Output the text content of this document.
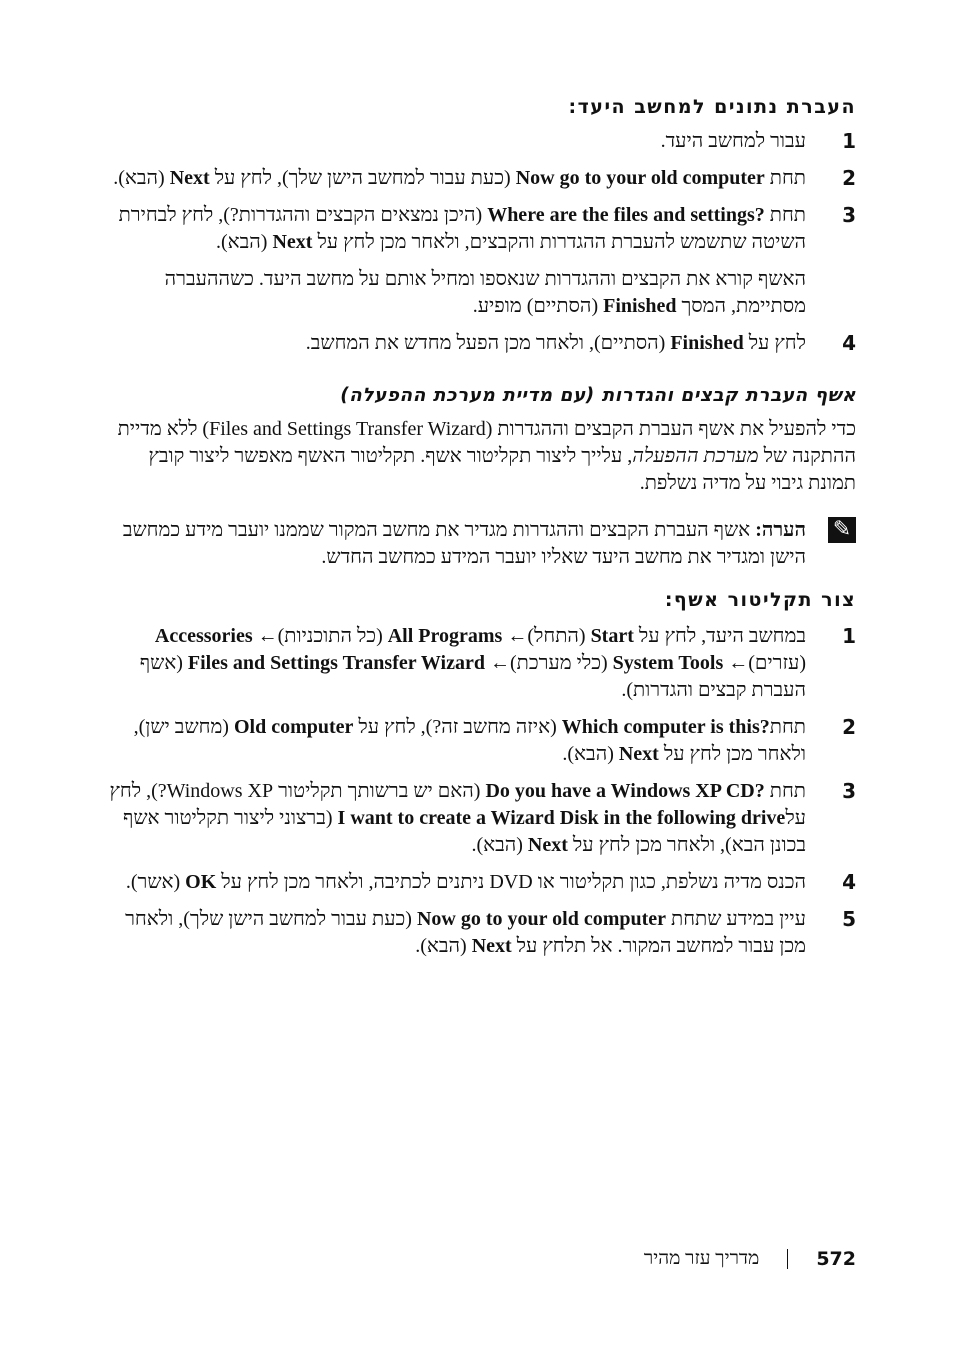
העברת נתונים למחשב היעד:

1
עבור למחשב היעד.
2
תחת Now go to your old computer (כעת עבור למחשב הישן שלך), לחץ על Next (הבא).
3
תחת ?Where are the files and settings (היכן נמצאים הקבצים וההגדרות?), לחץ לבחירת השיטה שתשמש להעברת ההגדרות והקבצים, ולאחר מכן לחץ על Next (הבא).

האשף קורא את הקבצים וההגדרות שנאספו ומחיל אותם על מחשב היעד. כשההעברה מסתיימת, המסך Finished (הסתיים) מופיע.

4
לחץ על Finished (הסתיים), ולאחר מכן הפעל מחדש את המחשב.

אשף העברת קבצים והגדרות (עם מדיית מערכת ההפעלה)

כדי להפעיל את אשף העברת הקבצים וההגדרות (Files and Settings Transfer Wizard) ללא מדיית ההתקנה של מערכת ההפעלה, עלייך ליצור תקליטור אשף. תקליטור האשף מאפשר ליצור קובץ תמונת גיבוי על מדיה נשלפת.

✎
הערה: אשף העברת הקבצים וההגדרות מגדיר את מחשב המקור שממנו יועבר מידע כמחשב הישן ומגדיר את מחשב היעד שאליו יועבר המידע כמחשב החדש.

צור תקליטור אשף:

1
במחשב היעד, לחץ על Start (התחל)← All Programs (כל התוכניות)← Accessories (עזרים)← System Tools (כלי מערכת)← Files and Settings Transfer Wizard (אשף העברת קבצים והגדרות).
2
תחת?Which computer is this (איזה מחשב זה?), לחץ על Old computer (מחשב ישן), ולאחר מכן לחץ על Next (הבא).
3
תחת ?Do you have a Windows XP CD (האם יש ברשותך תקליטור Windows XP?), לחץ עלI want to create a Wizard Disk in the following drive (ברצוני ליצור תקליטור אשף בכונן הבא), ולאחר מכן לחץ על Next (הבא).
4
הכנס מדיה נשלפת, כגון תקליטור או DVD ניתנים לכתיבה, ולאחר מכן לחץ על OK (אשר).
5
עיין במידע שתחת Now go to your old computer (כעת עבור למחשב הישן שלך), ולאחר מכן עבור למחשב המקור. אל תלחץ על Next (הבא).
572
מדריך עזר מהיר
